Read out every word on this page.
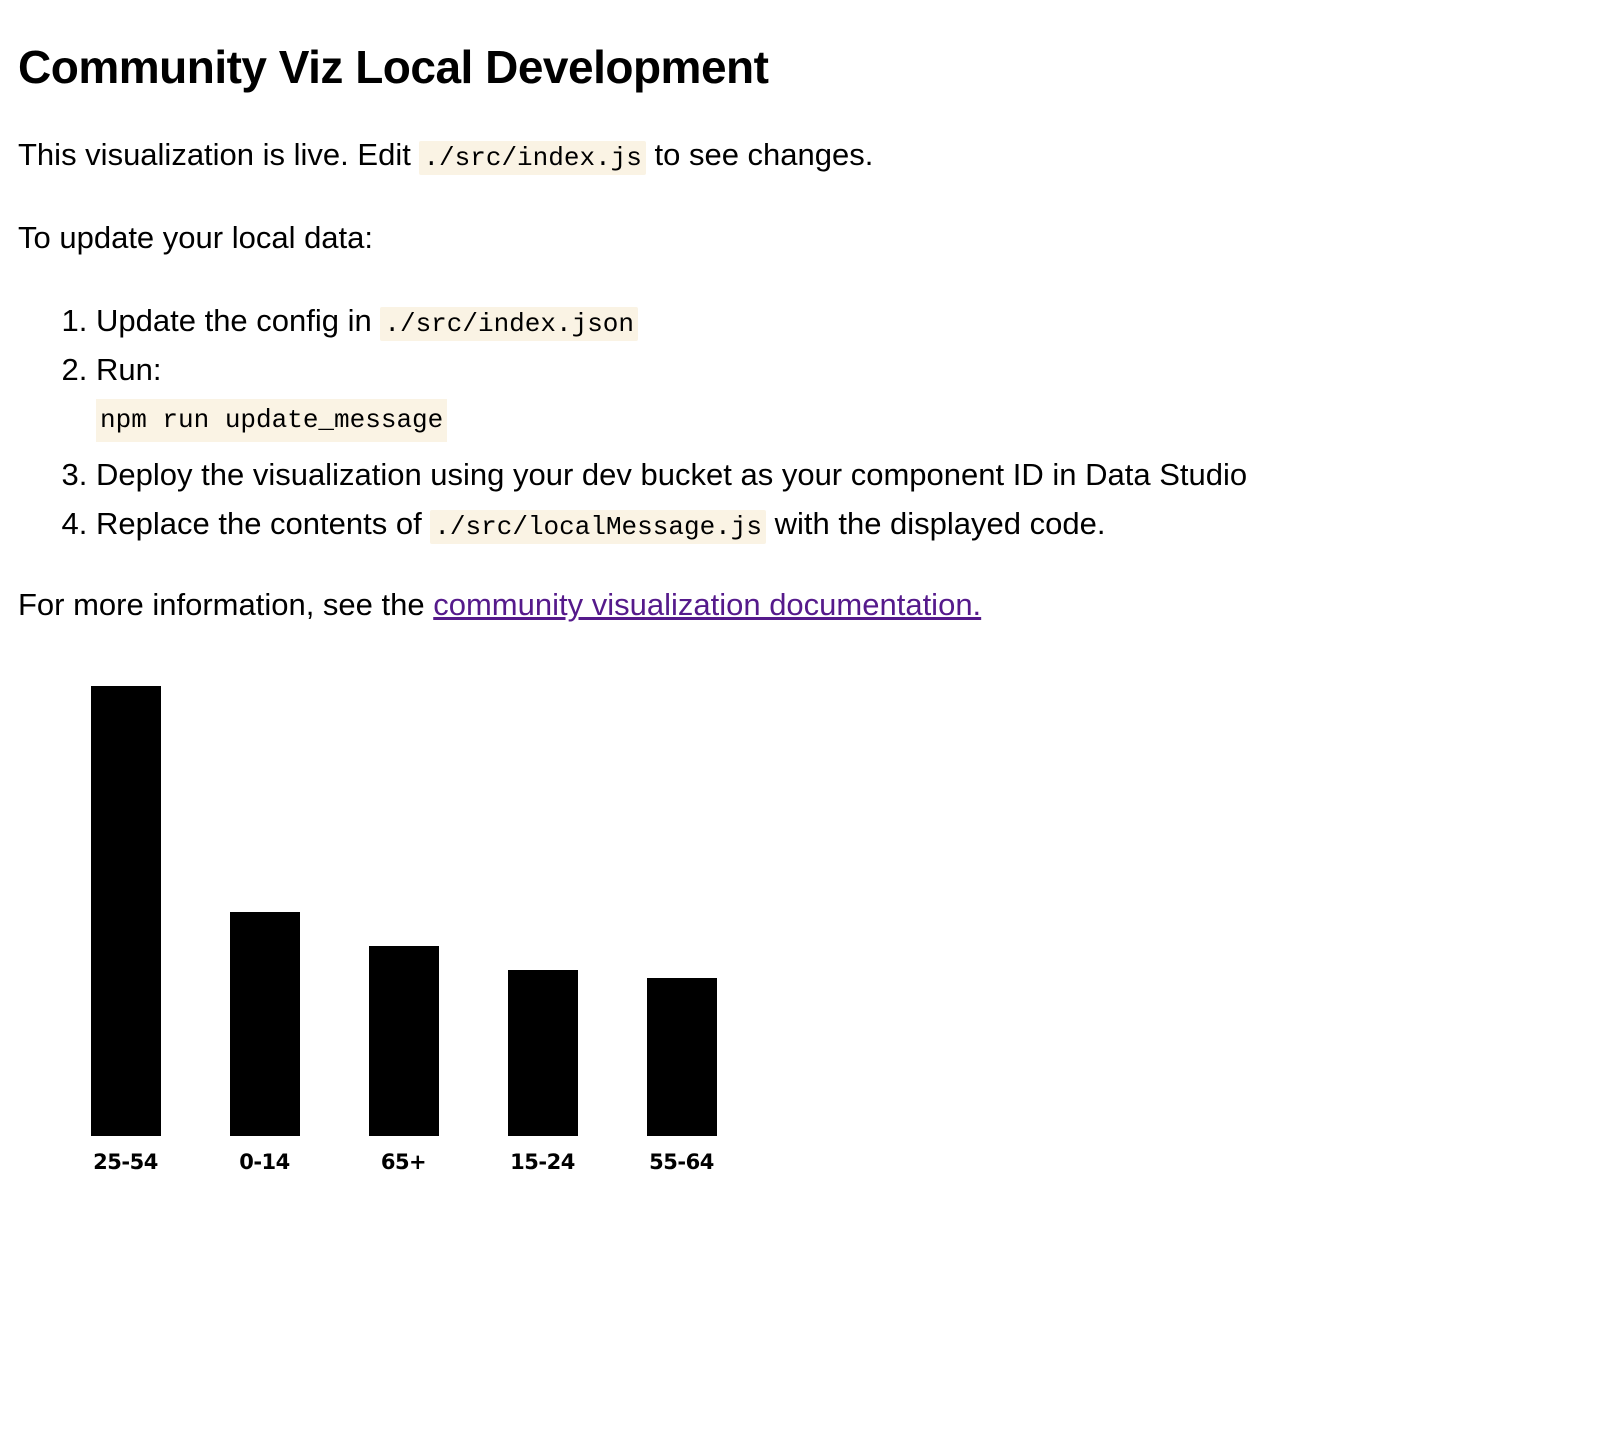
Community Viz Local Development

This visualization is live. Edit ./src/index.js to see changes.

To update your local data:

1. Update the config in ./src/index.json
2. Run:
npm run update_message
3. Deploy the visualization using your dev bucket as your component ID in Data Studio
4. Replace the contents of ./src/localMessage.js with the displayed code.

For more information, see the community visualization documentation.

25-54	0-14	65+	15-24	55-64
